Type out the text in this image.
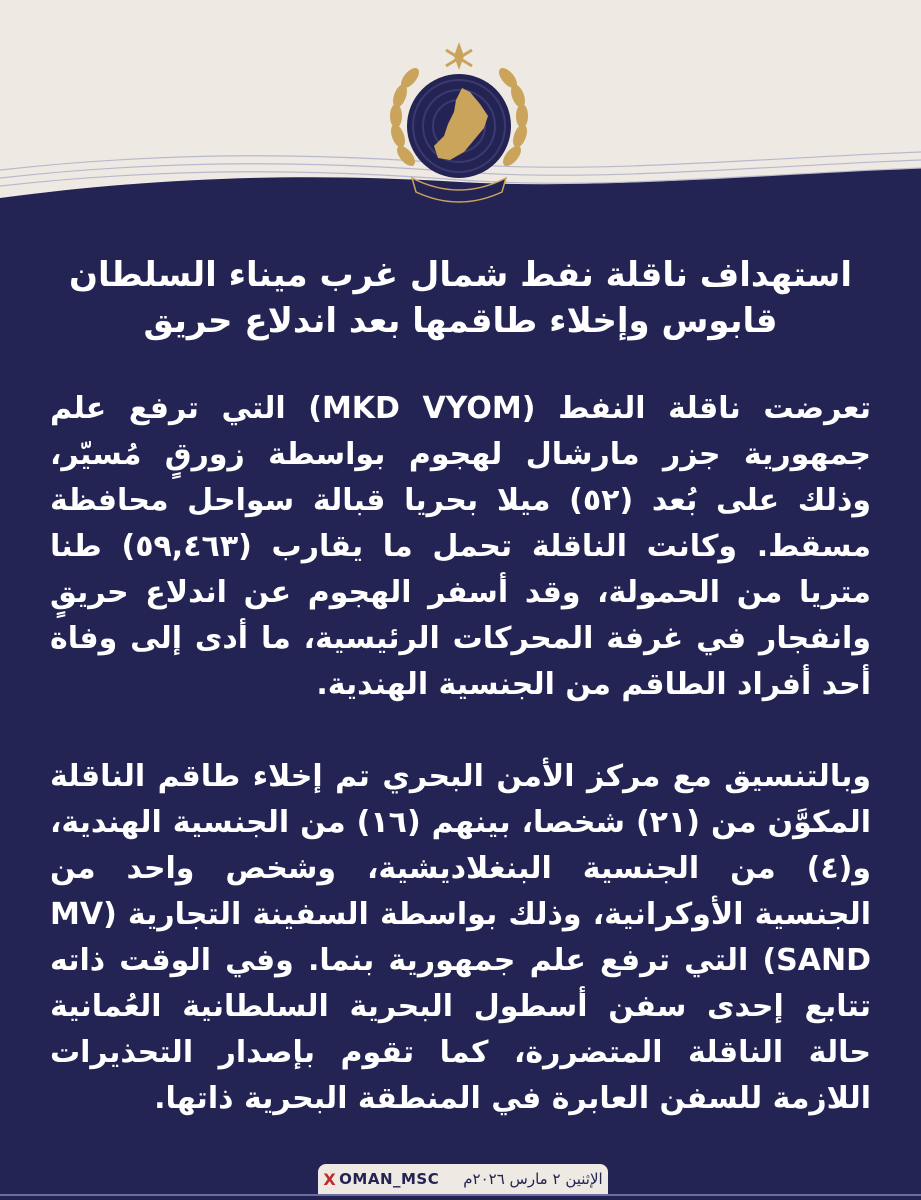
استهداف ناقلة نفط شمال غرب ميناء السلطان قابوس وإخلاء طاقمها بعد اندلاع حريق
تعرضت ناقلة النفط (MKD VYOM) التي ترفع علم جمهورية جزر مارشال لهجوم بواسطة زورقٍ مُسيّر، وذلك على بُعد (٥٢) ميلا بحريا قبالة سواحل محافظة مسقط. وكانت الناقلة تحمل ما يقارب (٥٩,٤٦٣) طنا متريا من الحمولة، وقد أسفر الهجوم عن اندلاع حريقٍ وانفجار في غرفة المحركات الرئيسية، ما أدى إلى وفاة أحد أفراد الطاقم من الجنسية الهندية.
وبالتنسيق مع مركز الأمن البحري تم إخلاء طاقم الناقلة المكوَّن من (٢١) شخصا، بينهم (١٦) من الجنسية الهندية، و(٤) من الجنسية البنغلاديشية، وشخص واحد من الجنسية الأوكرانية، وذلك بواسطة السفينة التجارية (MV SAND) التي ترفع علم جمهورية بنما. وفي الوقت ذاته تتابع إحدى سفن أسطول البحرية السلطانية العُمانية حالة الناقلة المتضررة، كما تقوم بإصدار التحذيرات اللازمة للسفن العابرة في المنطقة البحرية ذاتها.
X OMAN_MSC الإثنين ٢ مارس ٢٠٢٦م
